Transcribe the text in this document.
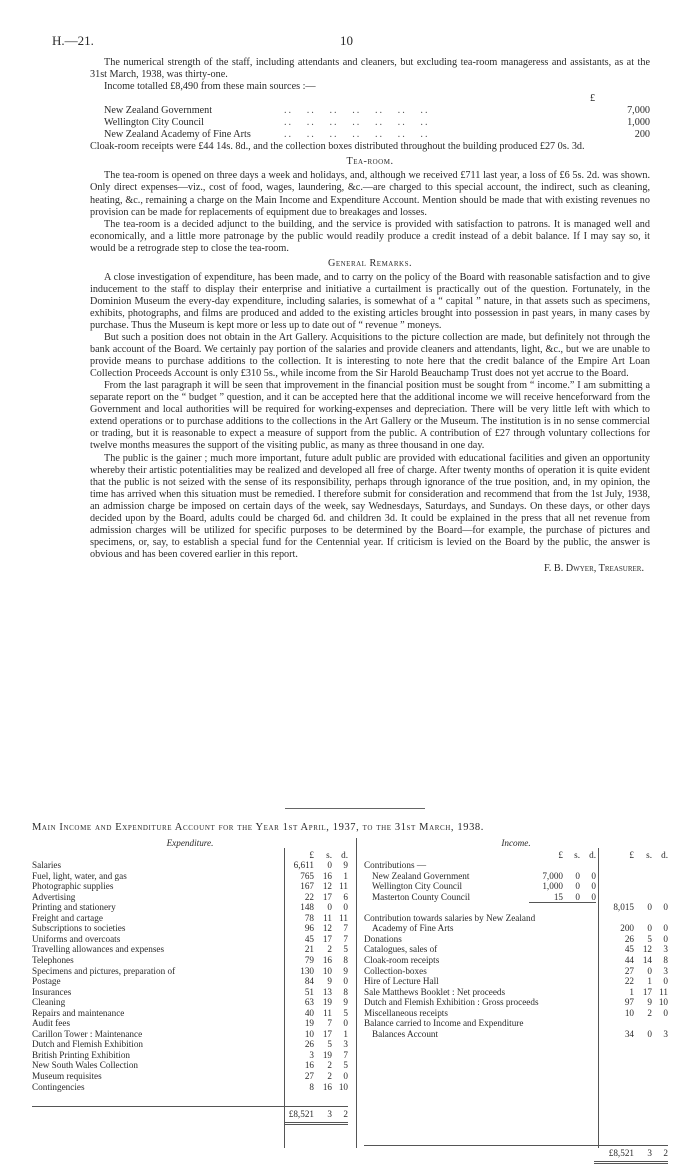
H.—21.	10

The numerical strength of the staff, including attendants and cleaners, but excluding tea-room manageress and assistants, as at the 31st March, 1938, was thirty-one.

Income totalled £8,490 from these main sources :—

		£
New Zealand Government	..   ..   ..   ..   ..   ..   ..	7,000
Wellington City Council	..   ..   ..   ..   ..   ..   ..	1,000
New Zealand Academy of Fine Arts	..   ..   ..   ..   ..   ..   ..	200

Cloak-room receipts were £44 14s. 8d., and the collection boxes distributed throughout the building produced £27 0s. 3d.

Tea-room.

The tea-room is opened on three days a week and holidays, and, although we received £711 last year, a loss of £6 5s. 2d. was shown. Only direct expenses—viz., cost of food, wages, laundering, &c.—are charged to this special account, the indirect, such as cleaning, heating, &c., remaining a charge on the Main Income and Expenditure Account. Mention should be made that with existing revenues no provision can be made for replacements of equipment due to breakages and losses.

The tea-room is a decided adjunct to the building, and the service is provided with satisfaction to patrons. It is managed well and economically, and a little more patronage by the public would readily produce a credit instead of a debit balance. If I may say so, it would be a retrograde step to close the tea-room.

General Remarks.

A close investigation of expenditure, has been made, and to carry on the policy of the Board with reasonable satisfaction and to give inducement to the staff to display their enterprise and initiative a curtailment is practically out of the question. Fortunately, in the Dominion Museum the every-day expenditure, including salaries, is somewhat of a “ capital ” nature, in that assets such as specimens, exhibits, photographs, and films are produced and added to the existing articles brought into possession in past years, in many cases by purchase. Thus the Museum is kept more or less up to date out of “ revenue ” moneys.

But such a position does not obtain in the Art Gallery. Acquisitions to the picture collection are made, but definitely not through the bank account of the Board. We certainly pay portion of the salaries and provide cleaners and attendants, light, &c., but we are unable to provide means to purchase additions to the collection. It is interesting to note here that the credit balance of the Empire Art Loan Collection Proceeds Account is only £310 5s., while income from the Sir Harold Beauchamp Trust does not yet accrue to the Board.

From the last paragraph it will be seen that improvement in the financial position must be sought from “ income.” I am submitting a separate report on the “ budget ” question, and it can be accepted here that the additional income we will receive henceforward from the Government and local authorities will be required for working-expenses and depreciation. There will be very little left with which to extend operations or to purchase additions to the collections in the Art Gallery or the Museum. The institution is in no sense commercial or trading, but it is reasonable to expect a measure of support from the public. A contribution of £27 through voluntary collections for twelve months measures the support of the visiting public, as many as three thousand in one day.

The public is the gainer ; much more important, future adult public are provided with educational facilities and given an opportunity whereby their artistic potentialities may be realized and developed all free of charge. After twenty months of operation it is quite evident that the public is not seized with the sense of its responsibility, perhaps through ignorance of the true position, and, in my opinion, the time has arrived when this situation must be remedied. I therefore submit for consideration and recommend that from the 1st July, 1938, an admission charge be imposed on certain days of the week, say Wednesdays, Saturdays, and Sundays. On these days, or other days decided upon by the Board, adults could be charged 6d. and children 3d. It could be explained in the press that all net revenue from admission charges will be utilized for specific purposes to be determined by the Board—for example, the purchase of pictures and specimens, or, say, to establish a special fund for the Centennial year. If criticism is levied on the Board by the public, the answer is obvious and has been covered earlier in this report.

F. B. Dwyer, Treasurer.
Main Income and Expenditure Account for the Year 1st April, 1937, to the 31st March, 1938.
Expenditure.
£	s. d.
Salaries	6,611	0	9
Fuel, light, water, and gas	765 16	1
Photographic supplies	167 12 11
Advertising	22 17	6
Printing and stationery	148	0	0
Freight and cartage	78 11 11
Subscriptions to societies	96 12	7
Uniforms and overcoats	45 17	7
Travelling allowances and expenses	21	2	5
Telephones	79 16	8
Specimens and pictures, preparation of	130 10	9
Postage	84	9	0
Insurances	51 13	8
Cleaning	63 19	9
Repairs and maintenance	40 11	5
Audit fees	19	7	0
Carillon Tower : Maintenance	10 17	1
Dutch and Flemish Exhibition	26	5	3
British Printing Exhibition	3 19	7
New South Wales Collection	16	2	5
Museum requisites	27	2	0
Contingencies	8 16 10
£8,521	3	2
Income.
£	s. d.	£	s. d.
Contributions —
New Zealand Government	7,000	0	0
Wellington City Council	1,000	0	0
Masterton County Council	15	0	0
8,015	0	0
Contribution towards salaries by New Zealand
Academy of Fine Arts	200	0	0
Donations	26	5	0
Catalogues, sales of	45 12	3
Cloak-room receipts	44 14	8
Collection-boxes	27	0	3
Hire of Lecture Hall	22	1	0
Sale Matthews Booklet : Net proceeds	1 17 11
Dutch and Flemish Exhibition : Gross proceeds	97	9 10
Miscellaneous receipts	10	2	0
Balance carried to Income and Expenditure
Balances Account	34	0	3
£8,521	3	2
